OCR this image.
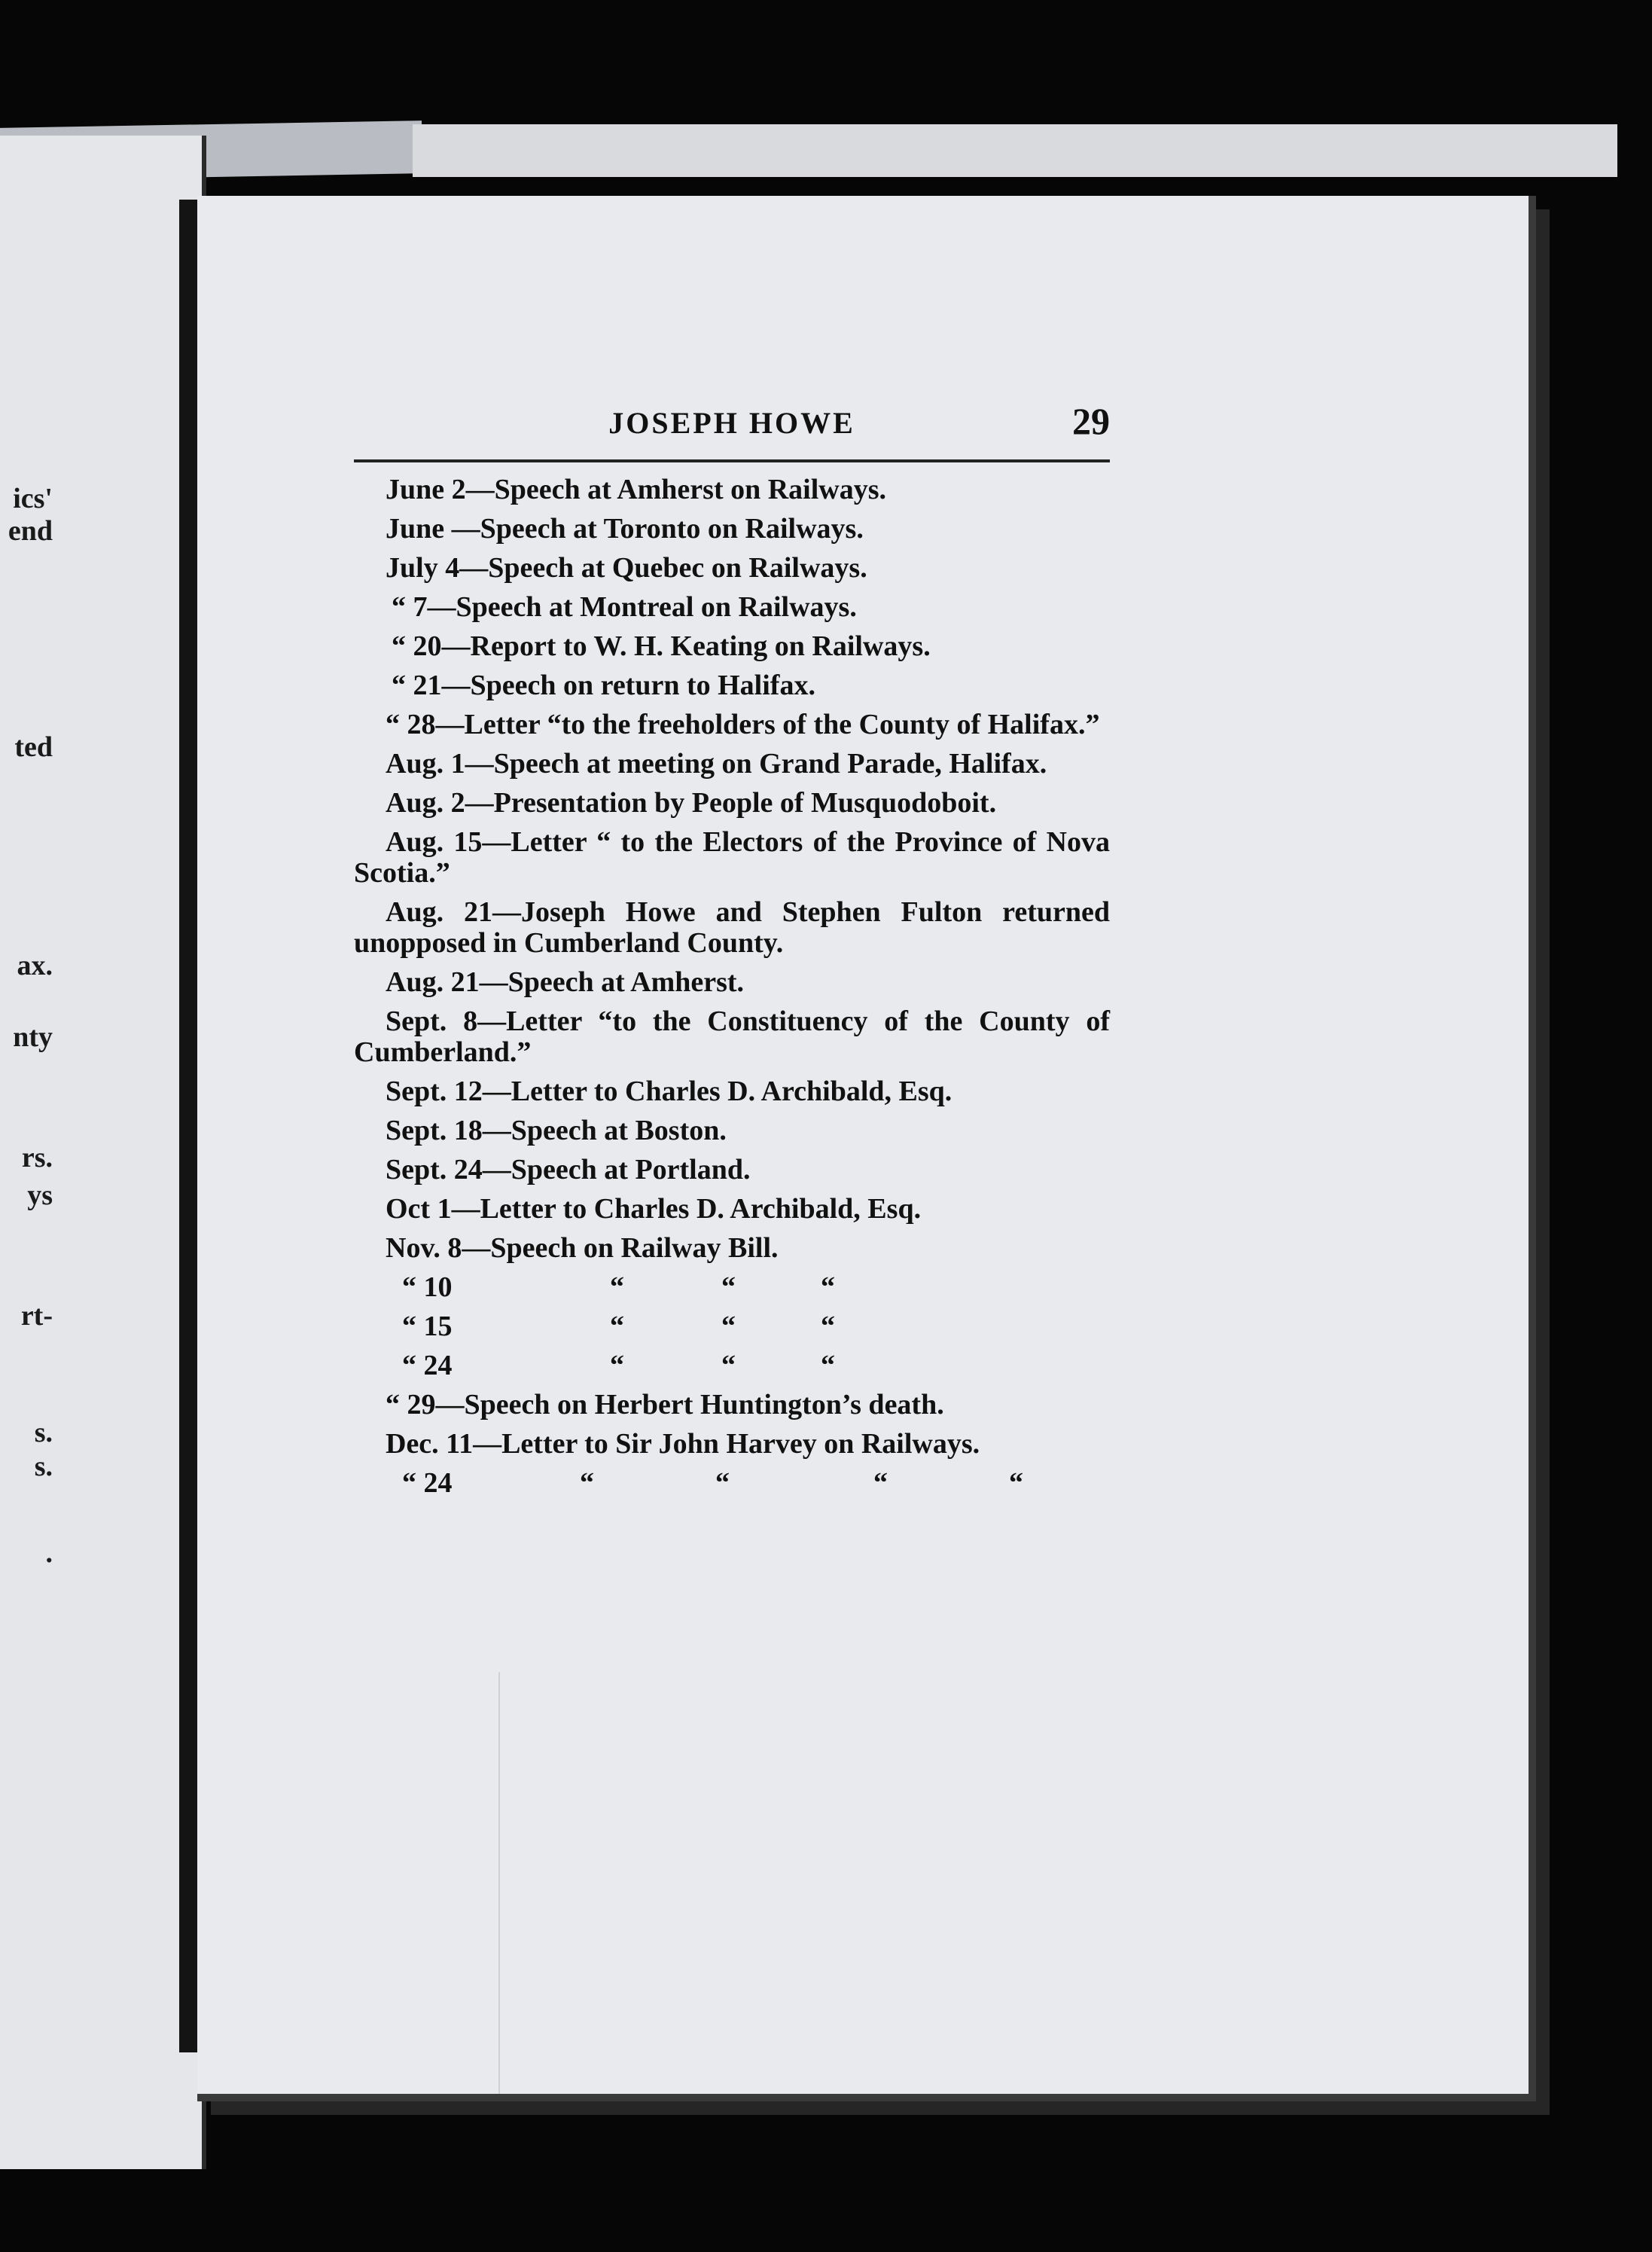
ics'
end
ted
ax.
nty
rs.
ys
rt-
s.
s.
.
JOSEPH HOWE	29
June 2—Speech at Amherst on Railways.
June —Speech at Toronto on Railways.
July 4—Speech at Quebec on Railways.
“ 7—Speech at Montreal on Railways.
“ 20—Report to W. H. Keating on Railways.
“ 21—Speech on return to Halifax.
“ 28—Letter “to the freeholders of the County of Halifax.”
Aug. 1—Speech at meeting on Grand Parade, Halifax.
Aug. 2—Presentation by People of Musquodoboit.
Aug. 15—Letter “ to the Electors of the Province of Nova Scotia.”
Aug. 21—Joseph Howe and Stephen Fulton returned unopposed in Cumberland County.
Aug. 21—Speech at Amherst.
Sept. 8—Letter “to the Constituency of the County of Cumberland.”
Sept. 12—Letter to Charles D. Archibald, Esq.
Sept. 18—Speech at Boston.
Sept. 24—Speech at Portland.
Oct 1—Letter to Charles D. Archibald, Esq.
Nov. 8—Speech on Railway Bill.
“ 10	“	“	“
“ 15	“	“	“
“ 24	“	“	“
“ 29—Speech on Herbert Huntington’s death.
Dec. 11—Letter to Sir John Harvey on Railways.
“ 24	“	“	“	“
